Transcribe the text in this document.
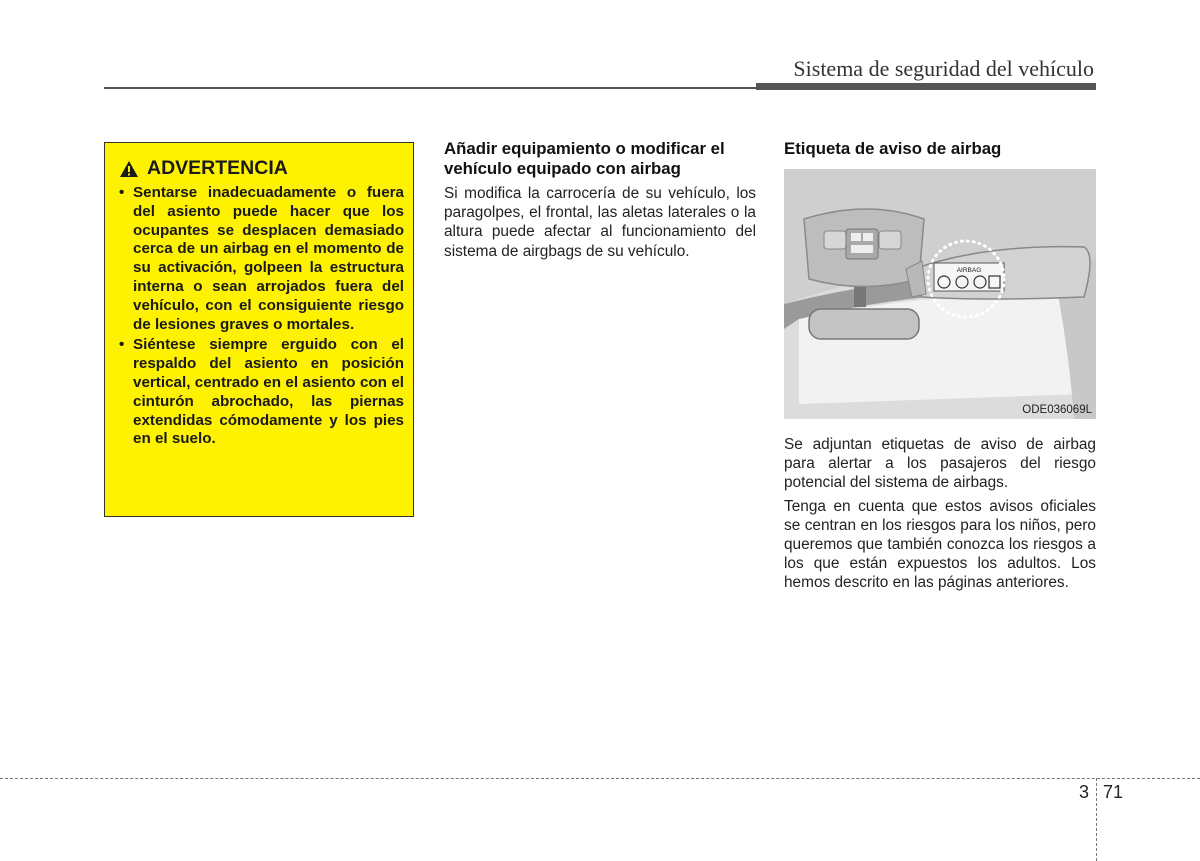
Sistema de seguridad del vehículo
ADVERTENCIA
• Sentarse inadecuadamente o fuera del asiento puede hacer que los ocupantes se desplacen demasiado cerca de un airbag en el momento de su activación, golpeen la estructura interna o sean arrojados fuera del vehículo, con el consiguiente riesgo de lesiones graves o mortales.
• Siéntese siempre erguido con el respaldo del asiento en posición vertical, centrado en el asiento con el cinturón abrochado, las piernas extendidas cómodamente y los pies en el suelo.
Añadir equipamiento o modificar el vehículo equipado con airbag

Si modifica la carrocería de su vehículo, los paragolpes, el frontal, las aletas laterales o la altura puede afectar al funcionamiento del sistema de airgbags de su vehículo.

Etiqueta de aviso de airbag
AIRBAG
ODE036069L

Se adjuntan etiquetas de aviso de airbag para alertar a los pasajeros del riesgo potencial del sistema de airbags.

Tenga en cuenta que estos avisos oficiales se centran en los riesgos para los niños, pero queremos que también conozca los riesgos a los que están expuestos los adultos. Los hemos descrito en las páginas anteriores.

3 71
